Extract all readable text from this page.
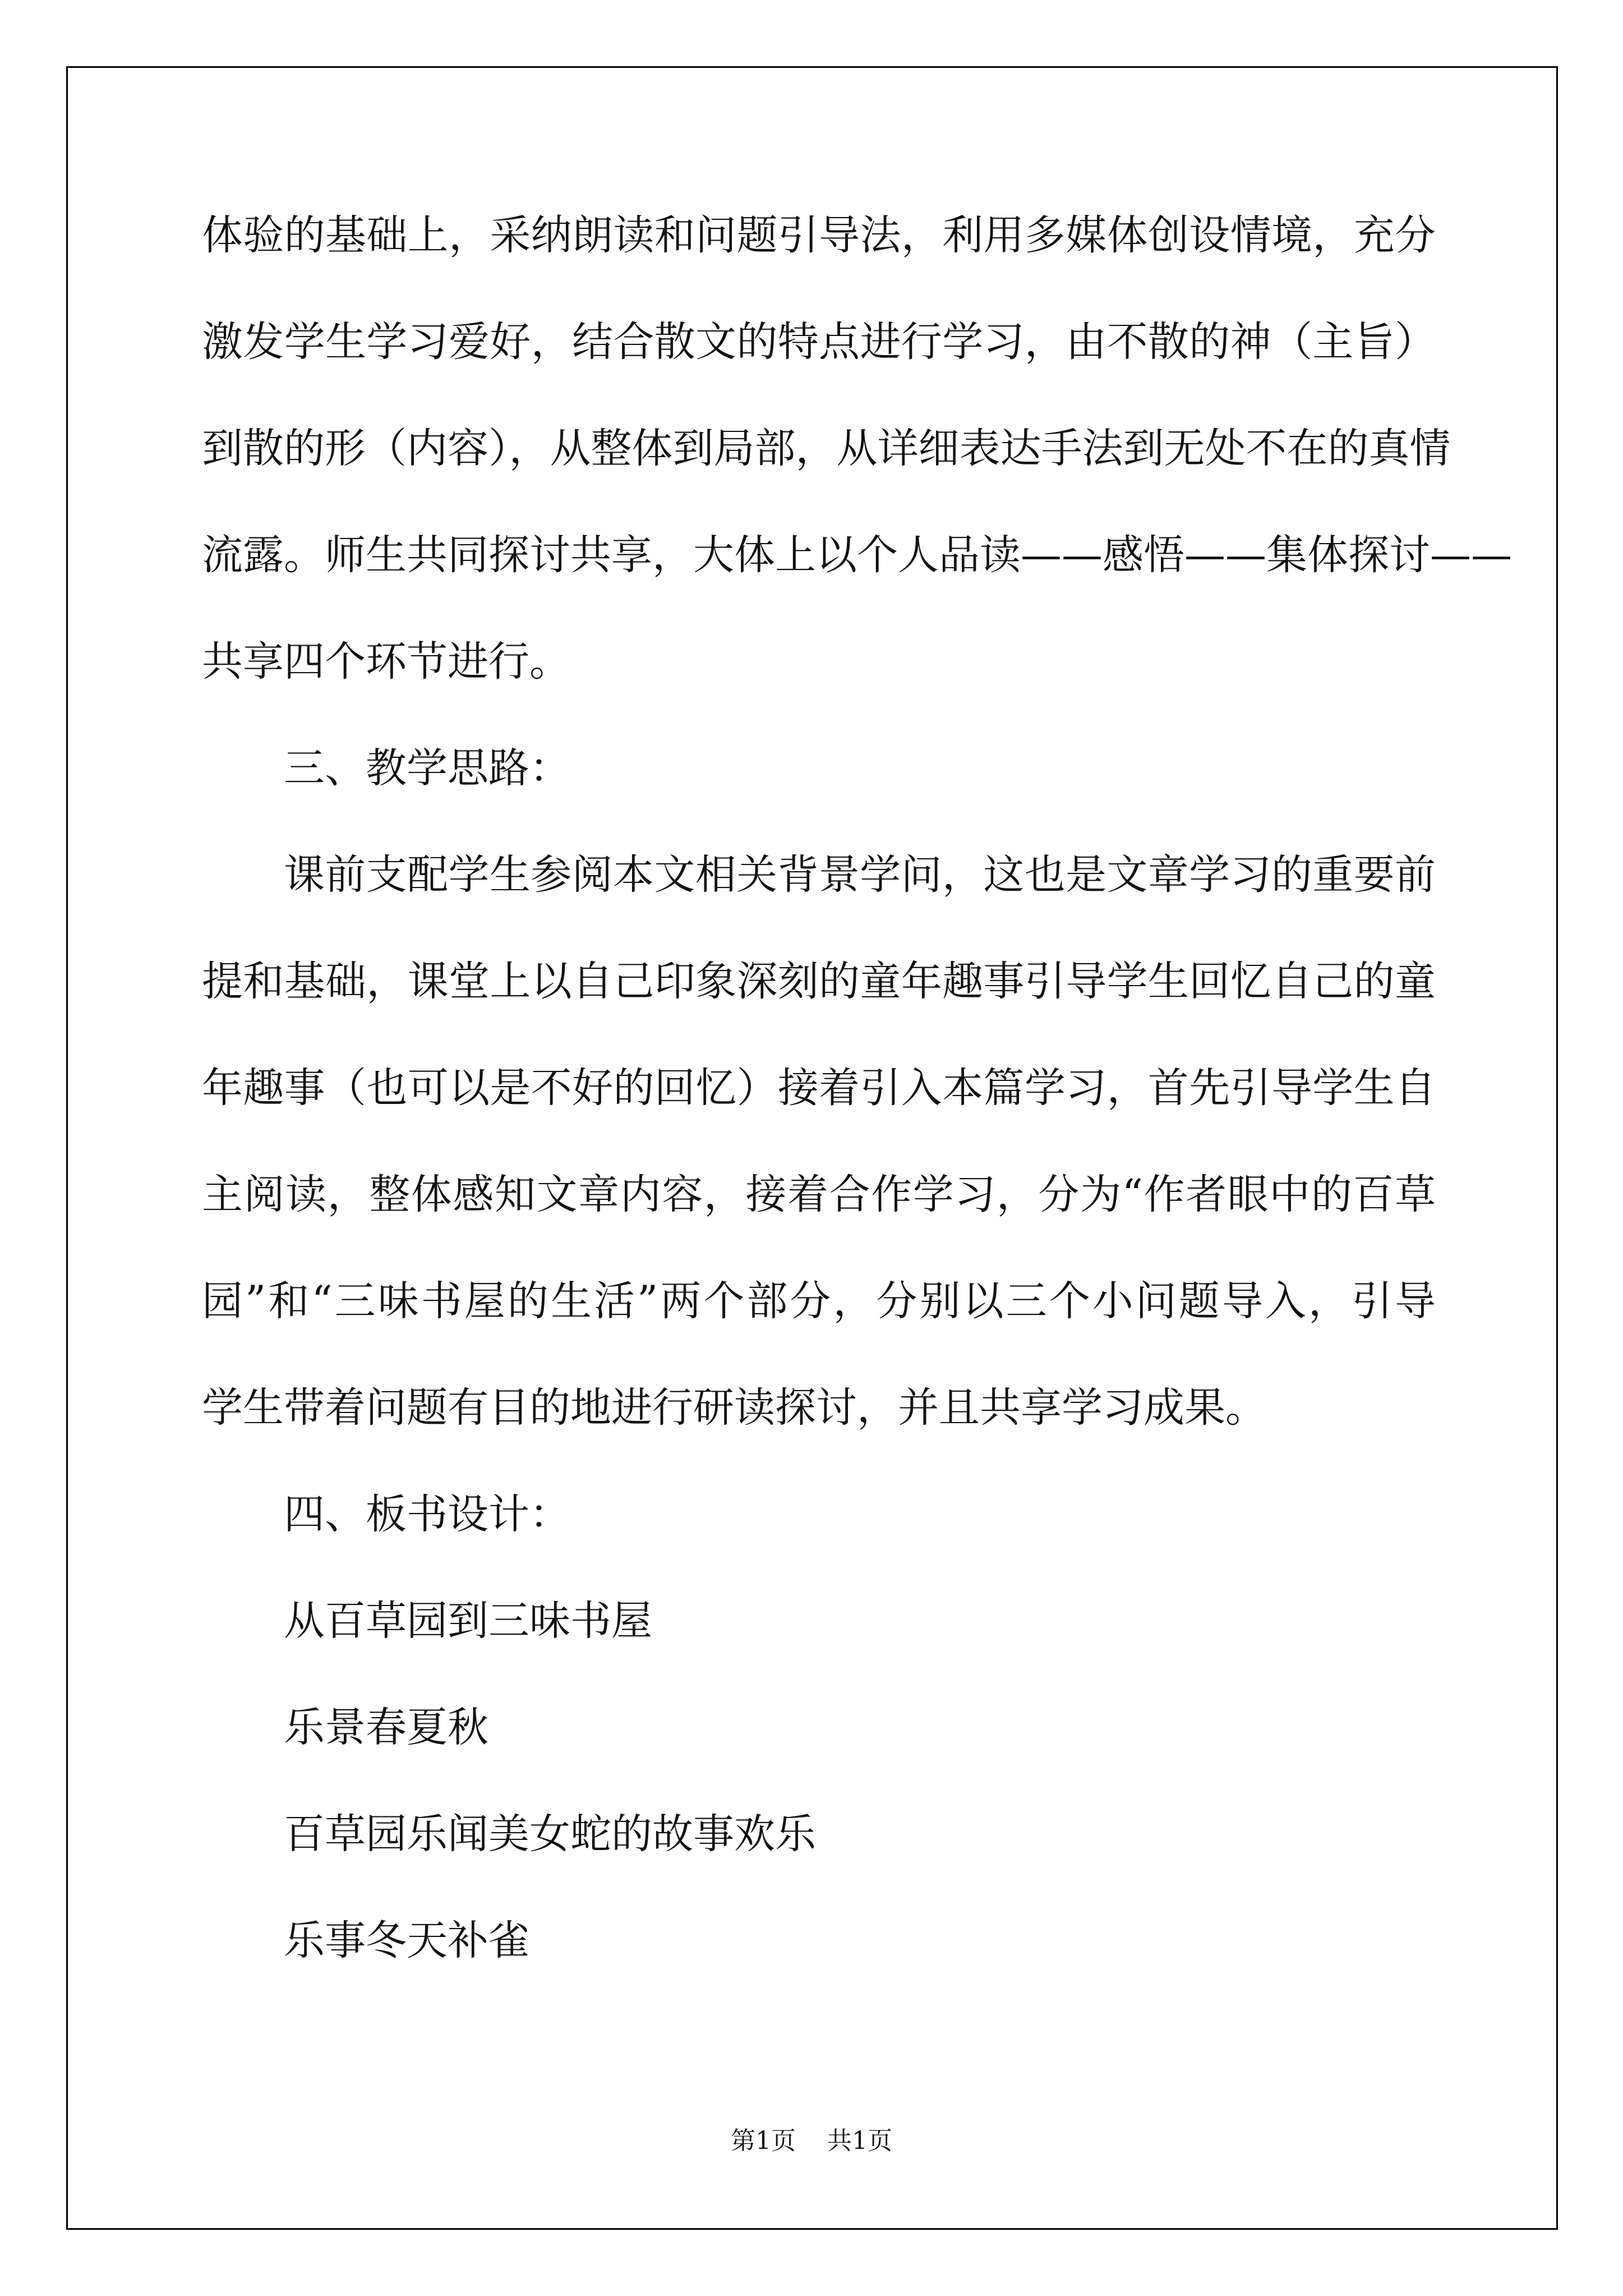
体验的基础上，采纳朗读和问题引导法，利用多媒体创设情境，充分
激发学生学习爱好，结合散文的特点进行学习，由不散的神（主旨）
到散的形（内容），从整体到局部，从详细表达手法到无处不在的真情
流露。师生共同探讨共享，大体上以个人品读——感悟——集体探讨——
共享四个环节进行。
三、教学思路：
课前支配学生参阅本文相关背景学问，这也是文章学习的重要前
提和基础，课堂上以自己印象深刻的童年趣事引导学生回忆自己的童
年趣事（也可以是不好的回忆）接着引入本篇学习，首先引导学生自
主阅读，整体感知文章内容，接着合作学习，分为“作者眼中的百草
园”和“三味书屋的生活”两个部分，分别以三个小问题导入，引导
学生带着问题有目的地进行研读探讨，并且共享学习成果。
四、板书设计：
从百草园到三味书屋
乐景春夏秋
百草园乐闻美女蛇的故事欢乐
乐事冬天补雀
第1页 共1页
